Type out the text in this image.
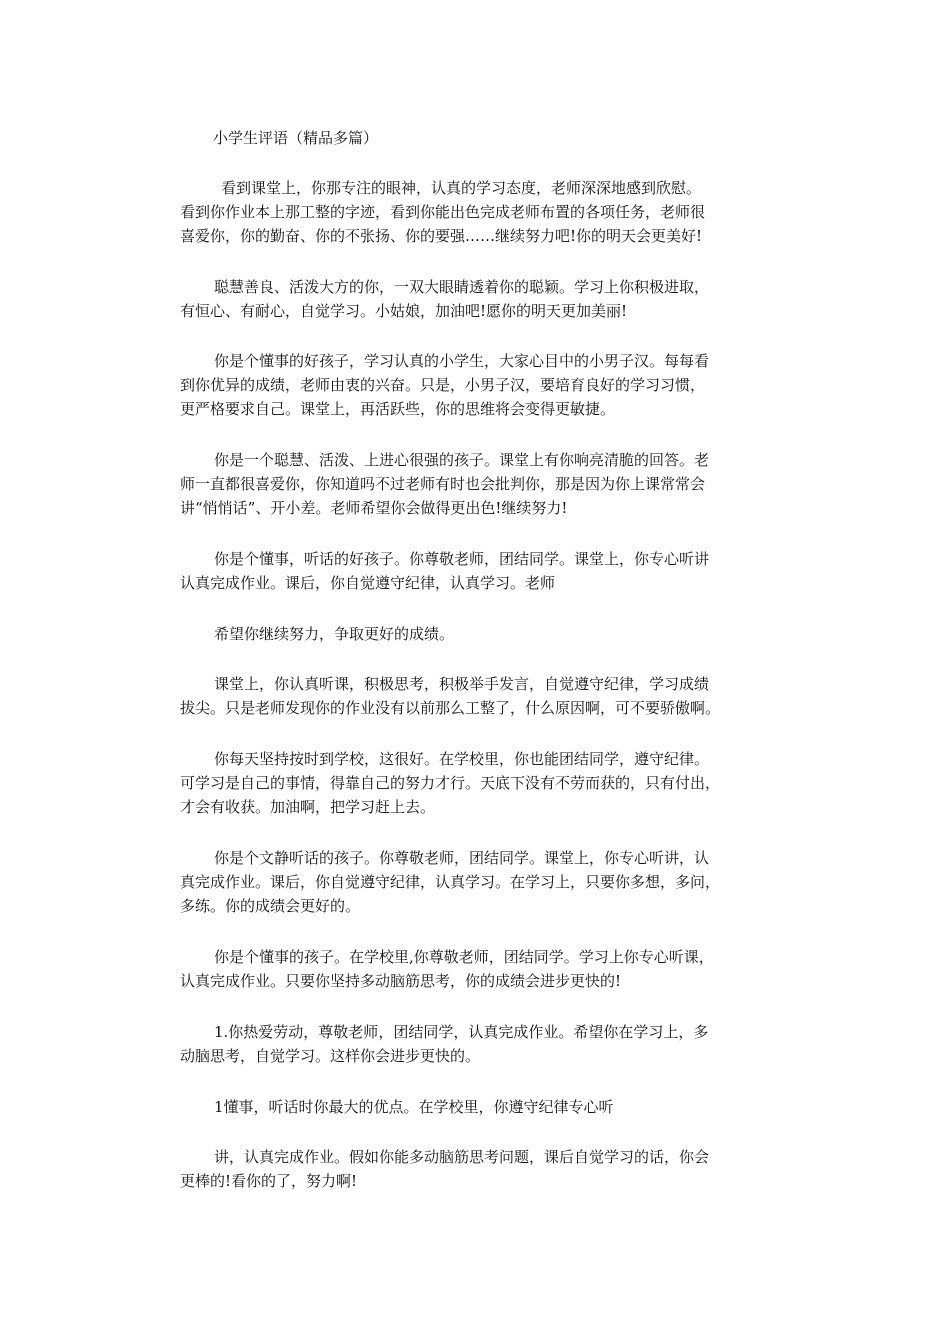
小学生评语（精品多篇）
看到课堂上，你那专注的眼神，认真的学习态度，老师深深地感到欣慰。
看到你作业本上那工整的字迹，看到你能出色完成老师布置的各项任务，老师很
喜爱你，你的勤奋、你的不张扬、你的要强……继续努力吧!你的明天会更美好!
聪慧善良、活泼大方的你，一双大眼睛透着你的聪颖。学习上你积极进取，
有恒心、有耐心，自觉学习。小姑娘，加油吧!愿你的明天更加美丽!
你是个懂事的好孩子，学习认真的小学生，大家心目中的小男子汉。每每看
到你优异的成绩，老师由衷的兴奋。只是，小男子汉，要培育良好的学习习惯，
更严格要求自己。课堂上，再活跃些，你的思维将会变得更敏捷。
你是一个聪慧、活泼、上进心很强的孩子。课堂上有你响亮清脆的回答。老
师一直都很喜爱你，你知道吗不过老师有时也会批判你，那是因为你上课常常会
讲“悄悄话”、开小差。老师希望你会做得更出色!继续努力!
你是个懂事，听话的好孩子。你尊敬老师，团结同学。课堂上，你专心听讲
认真完成作业。课后，你自觉遵守纪律，认真学习。老师
希望你继续努力，争取更好的成绩。
课堂上，你认真听课，积极思考，积极举手发言，自觉遵守纪律，学习成绩
拔尖。只是老师发现你的作业没有以前那么工整了，什么原因啊，可不要骄傲啊。
你每天坚持按时到学校，这很好。在学校里，你也能团结同学，遵守纪律。
可学习是自己的事情，得靠自己的努力才行。天底下没有不劳而获的，只有付出，
才会有收获。加油啊，把学习赶上去。
你是个文静听话的孩子。你尊敬老师，团结同学。课堂上，你专心听讲，认
真完成作业。课后，你自觉遵守纪律，认真学习。在学习上，只要你多想，多问，
多练。你的成绩会更好的。
你是个懂事的孩子。在学校里,你尊敬老师，团结同学。学习上你专心听课，
认真完成作业。只要你坚持多动脑筋思考，你的成绩会进步更快的!
1.你热爱劳动，尊敬老师，团结同学，认真完成作业。希望你在学习上，多
动脑思考，自觉学习。这样你会进步更快的。
1懂事，听话时你最大的优点。在学校里，你遵守纪律专心听
讲，认真完成作业。假如你能多动脑筋思考问题，课后自觉学习的话，你会
更棒的!看你的了，努力啊!
